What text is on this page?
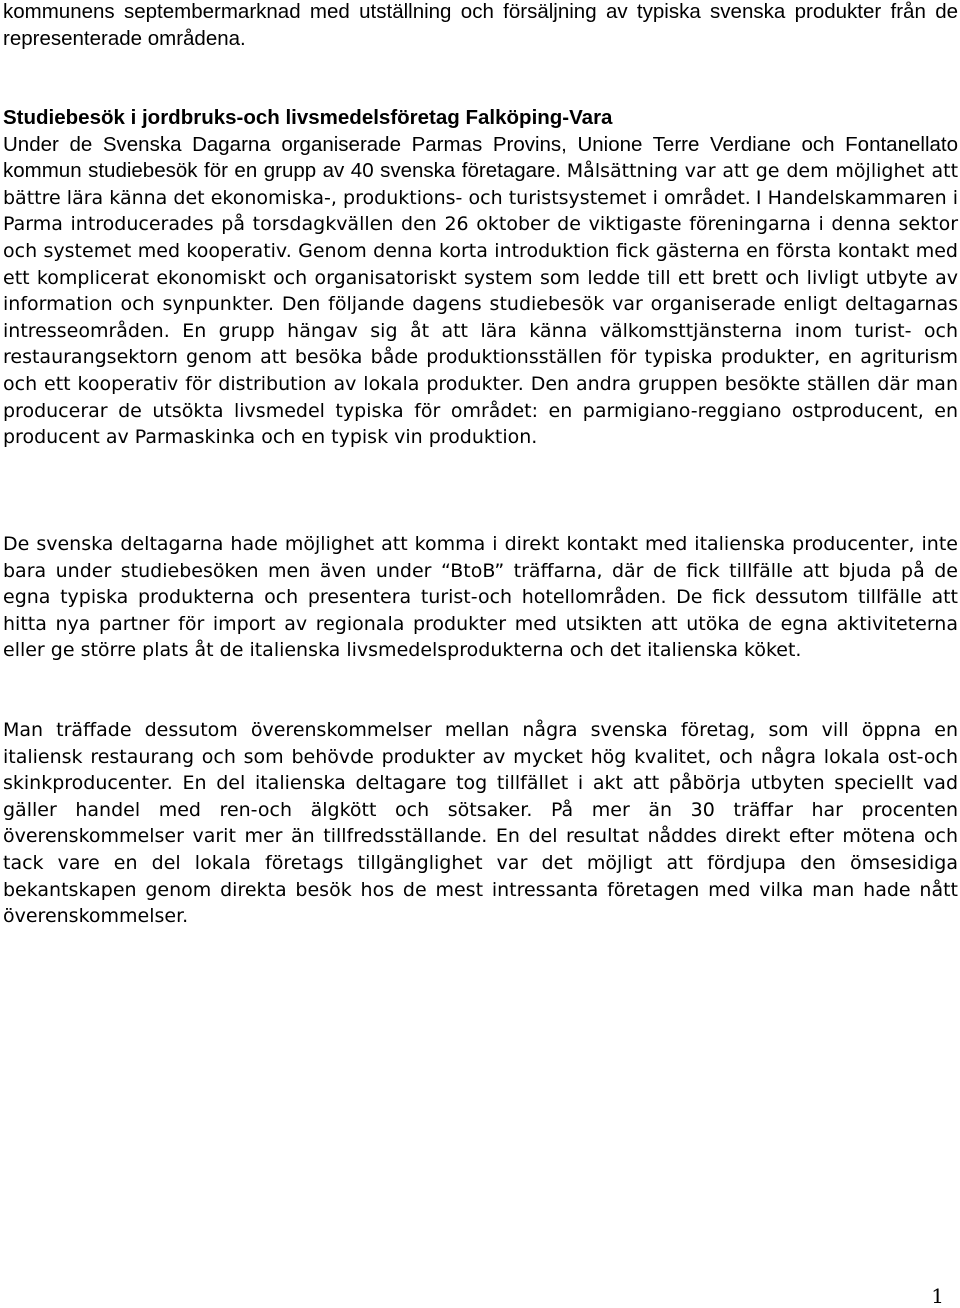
kommunens septembermarknad med utställning och försäljning av typiska svenska produkter från de representerade områdena.

Studiebesök i jordbruks-och livsmedelsföretag Falköping-Vara

Under de Svenska Dagarna organiserade Parmas Provins, Unione Terre Verdiane och Fontanellato kommun studiebesök för en grupp av 40 svenska företagare. Målsättning var att ge dem möjlighet att bättre lära känna det ekonomiska-, produktions- och turistsystemet i området. I Handelskammaren i Parma introducerades på torsdagkvällen den 26 oktober de viktigaste föreningarna i denna sektor och systemet med kooperativ. Genom denna korta introduktion fick gästerna en första kontakt med ett komplicerat ekonomiskt och organisatoriskt system som ledde till ett brett och livligt utbyte av information och synpunkter. Den följande dagens studiebesök var organiserade enligt deltagarnas intresseområden. En grupp hängav sig åt att lära känna välkomsttjänsterna inom turist- och restaurangsektorn genom att besöka både produktionsställen för typiska produkter, en agriturism och ett kooperativ för distribution av lokala produkter. Den andra gruppen besökte ställen där man producerar de utsökta livsmedel typiska för området: en parmigiano-reggiano ostproducent, en producent av Parmaskinka och en typisk vin produktion.

De svenska deltagarna hade möjlighet att komma i direkt kontakt med italienska producenter, inte bara under studiebesöken men även under “BtoB” träffarna, där de fick tillfälle att bjuda på de egna typiska produkterna och presentera turist-och hotellområden. De fick dessutom tillfälle att hitta nya partner för import av regionala produkter med utsikten att utöka de egna aktiviteterna eller ge större plats åt de italienska livsmedelsprodukterna och det italienska köket.

Man träffade dessutom överenskommelser mellan några svenska företag, som vill öppna en italiensk restaurang och som behövde produkter av mycket hög kvalitet, och några lokala ost-och skinkproducenter. En del italienska deltagare tog tillfället i akt att påbörja utbyten speciellt vad gäller handel med ren-och älgkött och sötsaker. På mer än 30 träffar har procenten överenskommelser varit mer än tillfredsställande. En del resultat nåddes direkt efter mötena och tack vare en del lokala företags tillgänglighet var det möjligt att fördjupa den ömsesidiga bekantskapen genom direkta besök hos de mest intressanta företagen med vilka man hade nått överenskommelser.

1
